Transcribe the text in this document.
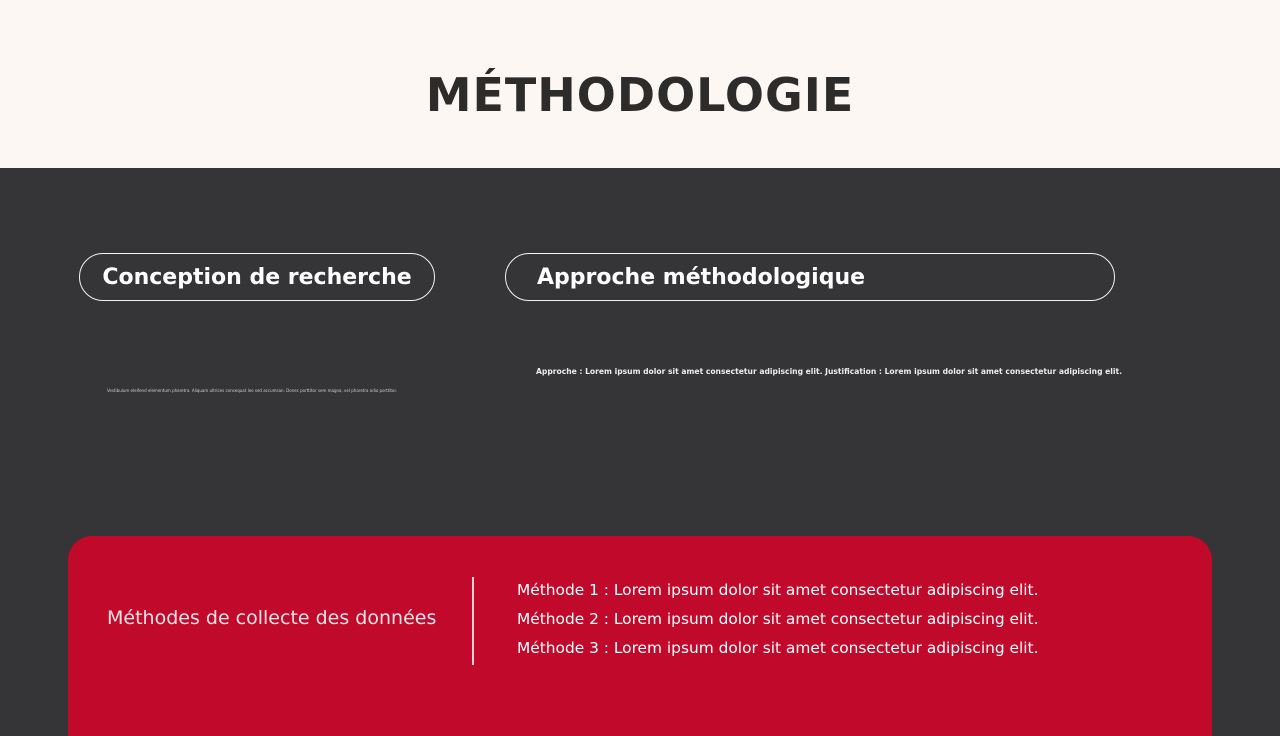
MÉTHODOLOGIE
Conception de recherche	Approche méthodologique
Vestibulum eleifend elementum pharetra. Aliquam ultrices consequat leo sed accumsan. Donec porttitor sem magna, vel pharetra odio porttitor.
Approche : Lorem ipsum dolor sit amet consectetur adipiscing elit. Justification : Lorem ipsum dolor sit amet consectetur adipiscing elit.
Méthodes de collecte des données
Méthode 1 : Lorem ipsum dolor sit amet consectetur adipiscing elit.
Méthode 2 : Lorem ipsum dolor sit amet consectetur adipiscing elit.
Méthode 3 : Lorem ipsum dolor sit amet consectetur adipiscing elit.
